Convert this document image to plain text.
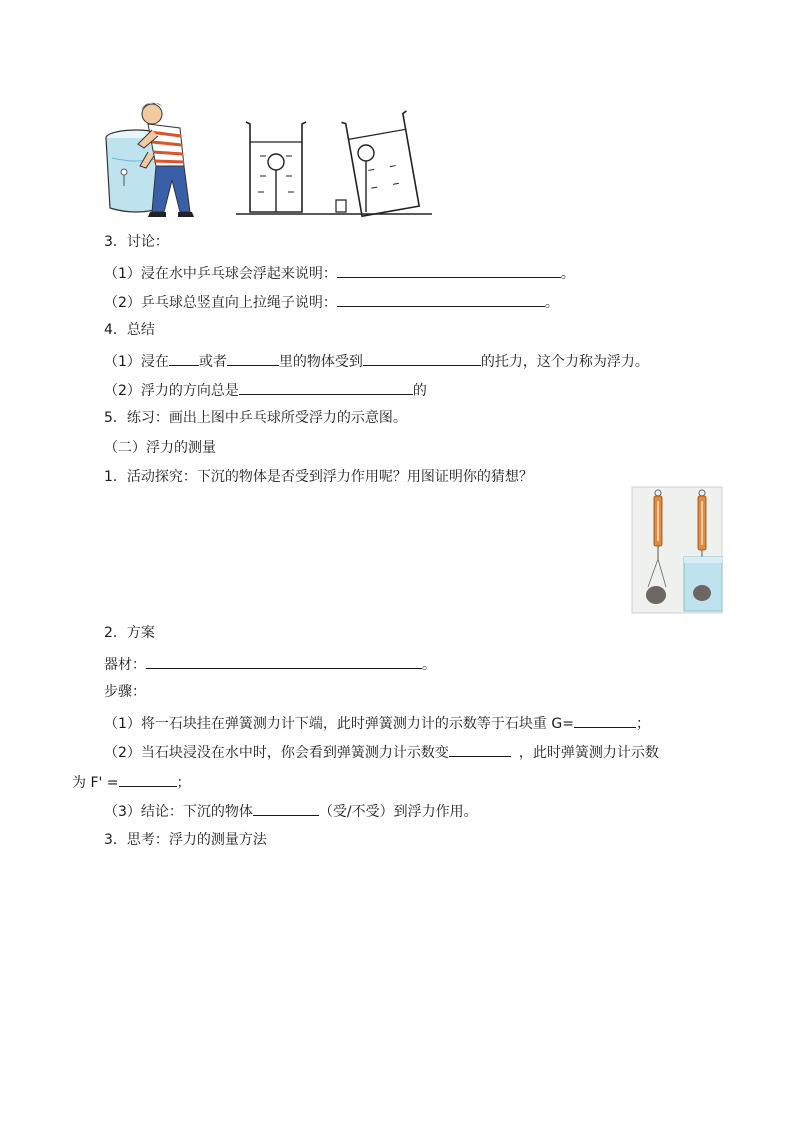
3．讨论：
（1）浸在水中乒乓球会浮起来说明：	。
（2）乒乓球总竖直向上拉绳子说明：	。
4．总结
（1）浸在 或者	里的物体受到	的托力，这个力称为浮力。
（2）浮力的方向总是	的
5．练习：画出上图中乒乓球所受浮力的示意图。
（二）浮力的测量
1．活动探究：下沉的物体是否受到浮力作用呢？用图证明你的猜想？
2．方案
器材：	。
步骤：
（1）将一石块挂在弹簧测力计下端，此时弹簧测力计的示数等于石块重 G=	；
（2）当石块浸没在水中时，你会看到弹簧测力计示数变	，此时弹簧测力计示数
为 F' =	；
（3）结论：下沉的物体	（受/不受）到浮力作用。
3．思考：浮力的测量方法
